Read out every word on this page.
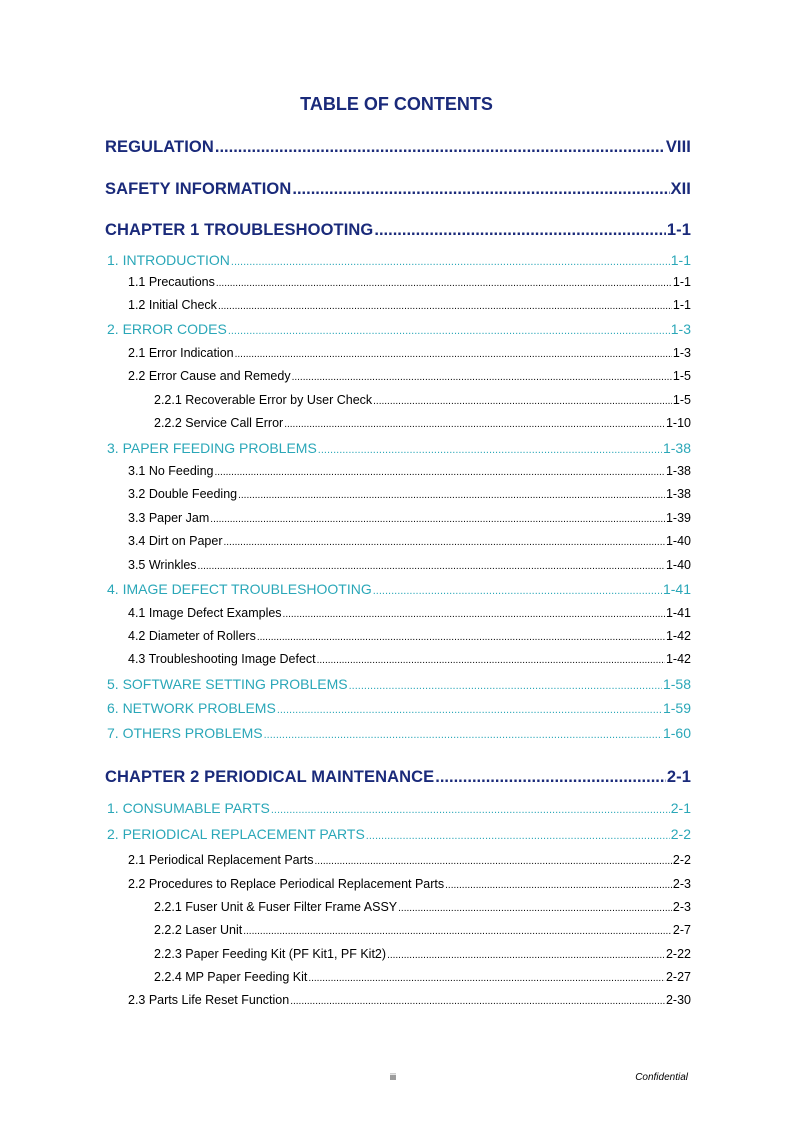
TABLE OF CONTENTS
REGULATION .....	VIII
SAFETY INFORMATION .....	XII
CHAPTER 1 TROUBLESHOOTING .....	1-1
1. INTRODUCTION .....	1-1
1.1 Precautions .....	1-1
1.2 Initial Check .....	1-1
2. ERROR CODES .....	1-3
2.1 Error Indication .....	1-3
2.2 Error Cause and Remedy .....	1-5
2.2.1 Recoverable Error by User Check .....	1-5
2.2.2 Service Call Error .....	1-10
3. PAPER FEEDING PROBLEMS .....	1-38
3.1 No Feeding .....	1-38
3.2 Double Feeding .....	1-38
3.3 Paper Jam .....	1-39
3.4 Dirt on Paper .....	1-40
3.5 Wrinkles .....	1-40
4. IMAGE DEFECT TROUBLESHOOTING .....	1-41
4.1 Image Defect Examples .....	1-41
4.2 Diameter of Rollers .....	1-42
4.3 Troubleshooting Image Defect .....	1-42
5. SOFTWARE SETTING PROBLEMS .....	1-58
6. NETWORK PROBLEMS .....	1-59
7. OTHERS PROBLEMS .....	1-60
CHAPTER 2 PERIODICAL MAINTENANCE .....	2-1
1. CONSUMABLE PARTS .....	2-1
2. PERIODICAL REPLACEMENT PARTS .....	2-2
2.1 Periodical Replacement Parts .....	2-2
2.2 Procedures to Replace Periodical Replacement Parts .....	2-3
2.2.1 Fuser Unit & Fuser Filter Frame ASSY .....	2-3
2.2.2 Laser Unit .....	2-7
2.2.3 Paper Feeding Kit (PF Kit1, PF Kit2) .....	2-22
2.2.4 MP Paper Feeding Kit .....	2-27
2.3 Parts Life Reset Function .....	2-30
iii	Confidential
